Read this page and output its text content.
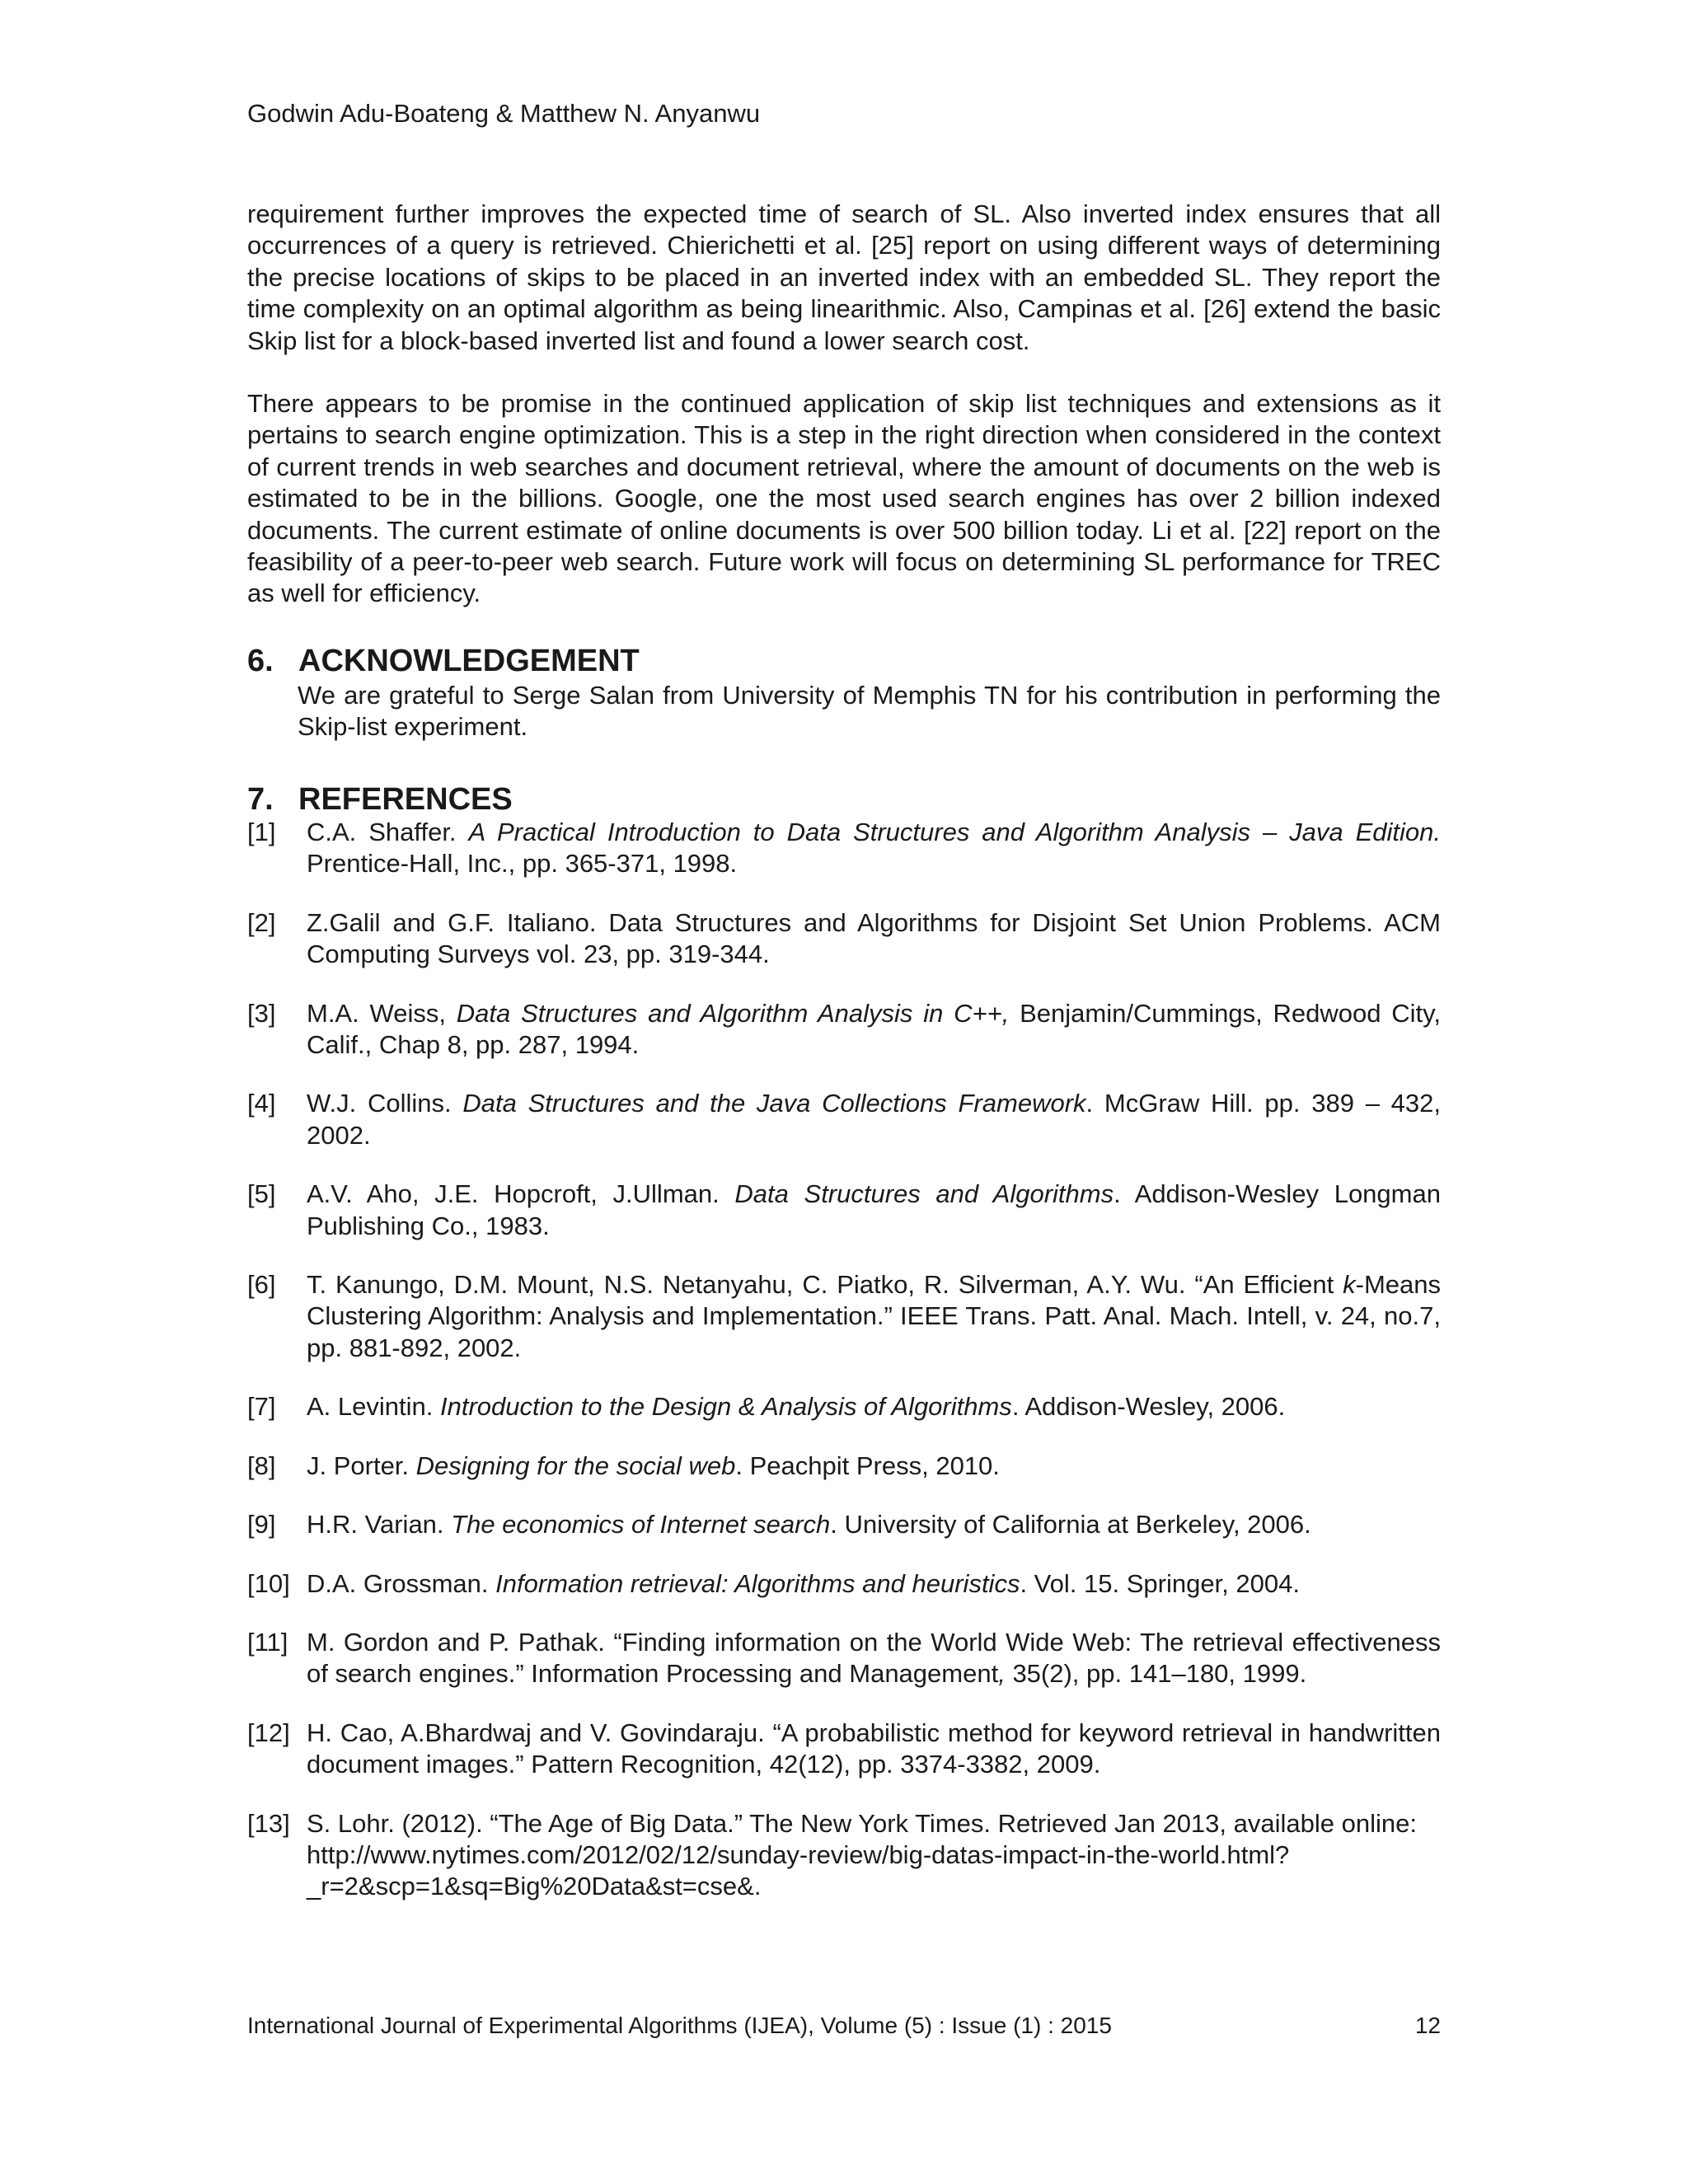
Godwin Adu-Boateng & Matthew N. Anyanwu

requirement further improves the expected time of search of SL. Also inverted index ensures that all occurrences of a query is retrieved. Chierichetti et al. [25] report on using different ways of determining the precise locations of skips to be placed in an inverted index with an embedded SL. They report the time complexity on an optimal algorithm as being linearithmic. Also, Campinas et al. [26] extend the basic Skip list for a block-based inverted list and found a lower search cost.

There appears to be promise in the continued application of skip list techniques and extensions as it pertains to search engine optimization. This is a step in the right direction when considered in the context of current trends in web searches and document retrieval, where the amount of documents on the web is estimated to be in the billions. Google, one the most used search engines has over 2 billion indexed documents. The current estimate of online documents is over 500 billion today. Li et al. [22] report on the feasibility of a peer-to-peer web search. Future work will focus on determining SL performance for TREC as well for efficiency.

6. ACKNOWLEDGEMENT

We are grateful to Serge Salan from University of Memphis TN for his contribution in performing the Skip-list experiment.

7. REFERENCES
[1] C.A. Shaffer. A Practical Introduction to Data Structures and Algorithm Analysis – Java Edition. Prentice-Hall, Inc., pp. 365-371, 1998.
[2] Z.Galil and G.F. Italiano. Data Structures and Algorithms for Disjoint Set Union Problems. ACM Computing Surveys vol. 23, pp. 319-344.
[3] M.A. Weiss, Data Structures and Algorithm Analysis in C++, Benjamin/Cummings, Redwood City, Calif., Chap 8, pp. 287, 1994.
[4] W.J. Collins. Data Structures and the Java Collections Framework. McGraw Hill. pp. 389 – 432, 2002.
[5] A.V. Aho, J.E. Hopcroft, J.Ullman. Data Structures and Algorithms. Addison-Wesley Longman Publishing Co., 1983.
[6] T. Kanungo, D.M. Mount, N.S. Netanyahu, C. Piatko, R. Silverman, A.Y. Wu. “An Efficient k-Means Clustering Algorithm: Analysis and Implementation.” IEEE Trans. Patt. Anal. Mach. Intell, v. 24, no.7, pp. 881-892, 2002.
[7] A. Levintin. Introduction to the Design & Analysis of Algorithms. Addison-Wesley, 2006.
[8] J. Porter. Designing for the social web. Peachpit Press, 2010.
[9] H.R. Varian. The economics of Internet search. University of California at Berkeley, 2006.
[10] D.A. Grossman. Information retrieval: Algorithms and heuristics. Vol. 15. Springer, 2004.
[11] M. Gordon and P. Pathak. “Finding information on the World Wide Web: The retrieval effectiveness of search engines.” Information Processing and Management, 35(2), pp. 141–180, 1999.
[12] H. Cao, A.Bhardwaj and V. Govindaraju. “A probabilistic method for keyword retrieval in handwritten document images.” Pattern Recognition, 42(12), pp. 3374-3382, 2009.
[13] S. Lohr. (2012). “The Age of Big Data.” The New York Times. Retrieved Jan 2013, available online: http://www.nytimes.com/2012/02/12/sunday-review/big-datas-impact-in-the-world.html?_r=2&scp=1&sq=Big%20Data&st=cse&.
International Journal of Experimental Algorithms (IJEA), Volume (5) : Issue (1) : 2015	12
